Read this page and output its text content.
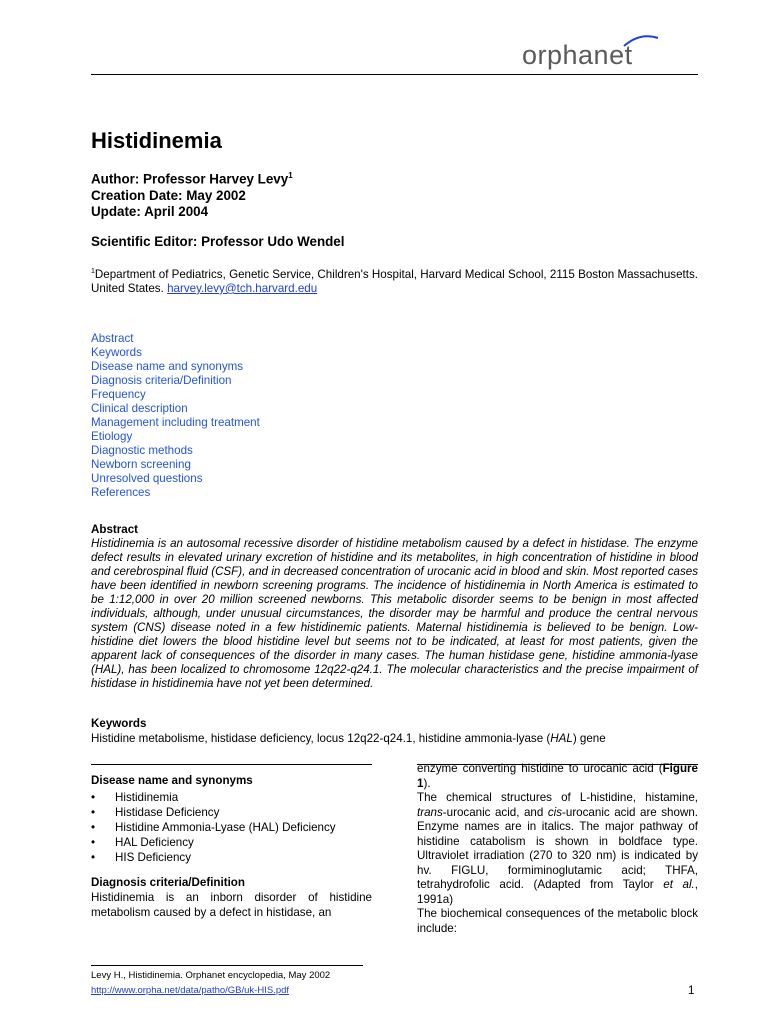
orphanet
Histidinemia
Author: Professor Harvey Levy$^1$
Creation Date: May 2002
Update: April 2004
Scientific Editor: Professor Udo Wendel
$^1$Department of Pediatrics, Genetic Service, Children's Hospital, Harvard Medical School, 2115 Boston Massachusetts. United States. harvey.levy@tch.harvard.edu
Abstract
Keywords
Disease name and synonyms
Diagnosis criteria/Definition
Frequency
Clinical description
Management including treatment
Etiology
Diagnostic methods
Newborn screening
Unresolved questions
References
Abstract
Histidinemia is an autosomal recessive disorder of histidine metabolism caused by a defect in histidase. The enzyme defect results in elevated urinary excretion of histidine and its metabolites, in high concentration of histidine in blood and cerebrospinal fluid (CSF), and in decreased concentration of urocanic acid in blood and skin. Most reported cases have been identified in newborn screening programs. The incidence of histidinemia in North America is estimated to be 1:12,000 in over 20 million screened newborns. This metabolic disorder seems to be benign in most affected individuals, although, under unusual circumstances, the disorder may be harmful and produce the central nervous system (CNS) disease noted in a few histidinemic patients. Maternal histidinemia is believed to be benign. Low-histidine diet lowers the blood histidine level but seems not to be indicated, at least for most patients, given the apparent lack of consequences of the disorder in many cases. The human histidase gene, histidine ammonia-lyase (HAL), has been localized to chromosome 12q22-q24.1. The molecular characteristics and the precise impairment of histidase in histidinemia have not yet been determined.
Keywords
Histidine metabolisme, histidase deficiency, locus 12q22-q24.1, histidine ammonia-lyase (HAL) gene
Disease name and synonyms
• Histidinemia
• Histidase Deficiency
• Histidine Ammonia-Lyase (HAL) Deficiency
• HAL Deficiency
• HIS Deficiency
Diagnosis criteria/Definition

Histidinemia is an inborn disorder of histidine metabolism caused by a defect in histidase, an

enzyme converting histidine to urocanic acid (Figure 1).

The chemical structures of L-histidine, histamine, trans-urocanic acid, and cis-urocanic acid are shown. Enzyme names are in italics. The major pathway of histidine catabolism is shown in boldface type. Ultraviolet irradiation (270 to 320 nm) is indicated by hv. FIGLU, formiminoglutamic acid; THFA, tetrahydrofolic acid. (Adapted from Taylor et al., 1991a)

The biochemical consequences of the metabolic block include:

Levy H., Histidinemia. Orphanet encyclopedia, May 2002
http://www.orpha.net/data/patho/GB/uk-HIS.pdf	1
